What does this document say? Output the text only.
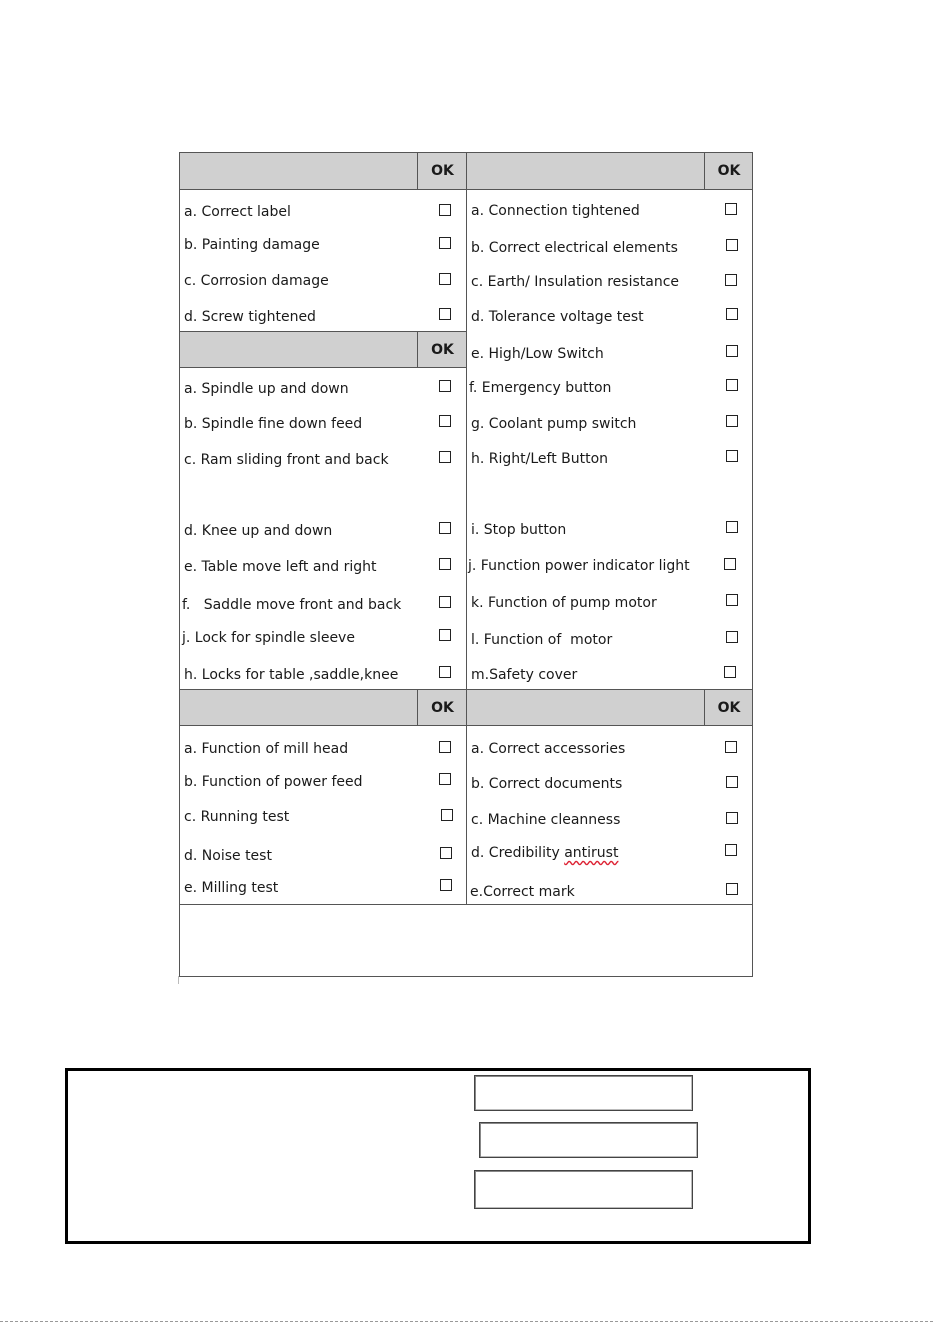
OK	OK
OK
OK	OK
a. Correct label
b. Painting damage
c. Corrosion damage
d. Screw tightened
a. Spindle up and down
b. Spindle fine down feed
c. Ram sliding front and back
d. Knee up and down
e. Table move left and right
f.   Saddle move front and back
j. Lock for spindle sleeve
h. Locks for table ,saddle,knee
a. Connection tightened
b. Correct electrical elements
c. Earth/ Insulation resistance
d. Tolerance voltage test
e. High/Low Switch
f. Emergency button
g. Coolant pump switch
h. Right/Left Button
i. Stop button
j. Function power indicator light
k. Function of pump motor
l. Function of  motor
m.Safety cover
a. Function of mill head
b. Function of power feed
c. Running test
d. Noise test
e. Milling test
a. Correct accessories
b. Correct documents
c. Machine cleanness
d. Credibility antirust
e.Correct mark
